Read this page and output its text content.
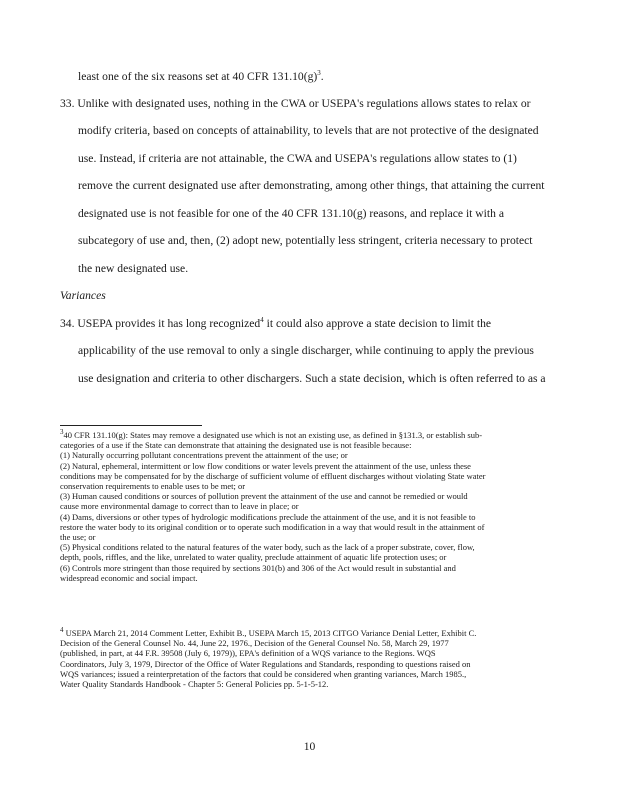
least one of the six reasons set at 40 CFR $131.10(g)^3$.
33. Unlike with designated uses, nothing in the CWA or USEPA's regulations allows states to relax or
modify criteria, based on concepts of attainability, to levels that are not protective of the designated
use. Instead, if criteria are not attainable, the CWA and USEPA's regulations allow states to (1)
remove the current designated use after demonstrating, among other things, that attaining the current
designated use is not feasible for one of the 40 CFR 131.10(g) reasons, and replace it with a
subcategory of use and, then, (2) adopt new, potentially less stringent, criteria necessary to protect
the new designated use.
Variances
34. USEPA provides it has long recognized$^4$ it could also approve a state decision to limit the
applicability of the use removal to only a single discharger, while continuing to apply the previous
use designation and criteria to other dischargers. Such a state decision, which is often referred to as a

$^3$40 CFR 131.10(g): States may remove a designated use which is not an existing use, as defined in §131.3, or establish sub-

categories of a use if the State can demonstrate that attaining the designated use is not feasible because:

(1) Naturally occurring pollutant concentrations prevent the attainment of the use; or

(2) Natural, ephemeral, intermittent or low flow conditions or water levels prevent the attainment of the use, unless these

conditions may be compensated for by the discharge of sufficient volume of effluent discharges without violating State water

conservation requirements to enable uses to be met; or

(3) Human caused conditions or sources of pollution prevent the attainment of the use and cannot be remedied or would

cause more environmental damage to correct than to leave in place; or

(4) Dams, diversions or other types of hydrologic modifications preclude the attainment of the use, and it is not feasible to

restore the water body to its original condition or to operate such modification in a way that would result in the attainment of

the use; or

(5) Physical conditions related to the natural features of the water body, such as the lack of a proper substrate, cover, flow,

depth, pools, riffles, and the like, unrelated to water quality, preclude attainment of aquatic life protection uses; or

(6) Controls more stringent than those required by sections 301(b) and 306 of the Act would result in substantial and

widespread economic and social impact.

$^4$ USEPA March 21, 2014 Comment Letter, Exhibit B., USEPA March 15, 2013 CITGO Variance Denial Letter, Exhibit C.

Decision of the General Counsel No. 44, June 22, 1976., Decision of the General Counsel No. 58, March 29, 1977

(published, in part, at 44 F.R. 39508 (July 6, 1979)), EPA's definition of a WQS variance to the Regions. WQS

Coordinators, July 3, 1979, Director of the Office of Water Regulations and Standards, responding to questions raised on

WQS variances; issued a reinterpretation of the factors that could be considered when granting variances, March 1985.,

Water Quality Standards Handbook - Chapter 5: General Policies pp. 5-1-5-12.

10
